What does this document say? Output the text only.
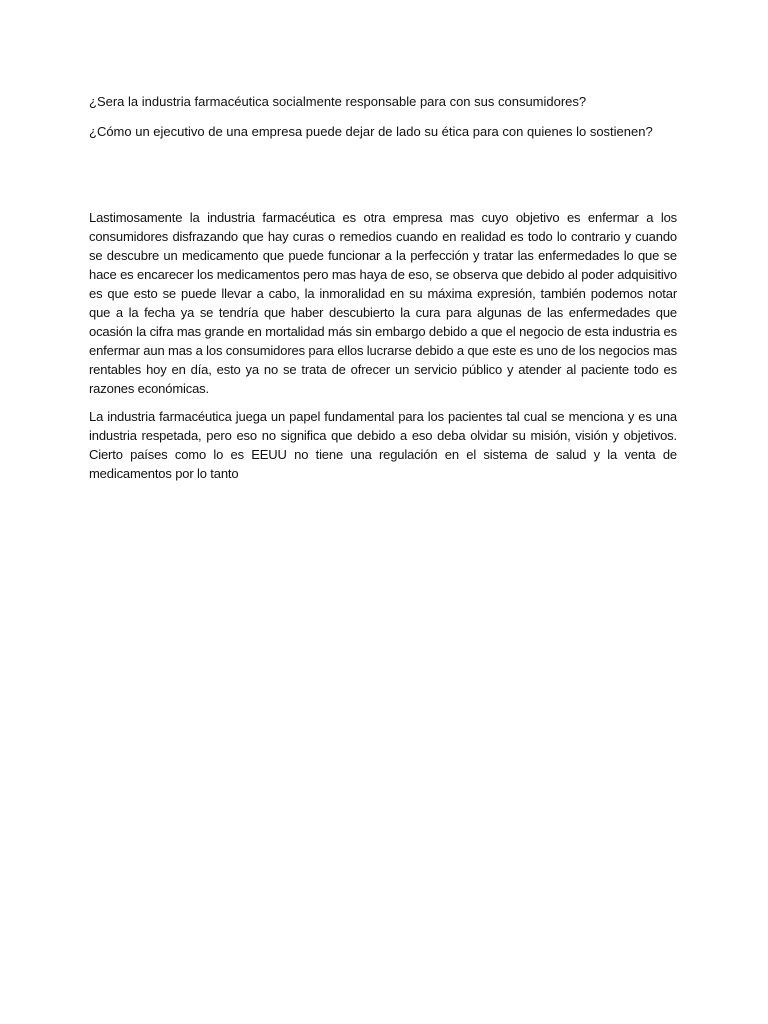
¿Sera la industria farmacéutica socialmente responsable para con sus consumidores?

¿Cómo un ejecutivo de una empresa puede dejar de lado su ética para con quienes lo sostienen?

Lastimosamente la industria farmacéutica es otra empresa mas cuyo objetivo es enfermar a los consumidores disfrazando que hay curas o remedios cuando en realidad es todo lo contrario y cuando se descubre un medicamento que puede funcionar a la perfección y tratar las enfermedades lo que se hace es encarecer los medicamentos pero mas haya de eso, se observa que debido al poder adquisitivo es que esto se puede llevar a cabo, la inmoralidad en su máxima expresión, también podemos notar que a la fecha ya se tendría que haber descubierto la cura para algunas de las enfermedades que ocasión la cifra mas grande en mortalidad más sin embargo debido a que el negocio de esta industria es enfermar aun mas a los consumidores para ellos lucrarse debido a que este es uno de los negocios mas rentables hoy en día, esto ya no se trata de ofrecer un servicio público y atender al paciente todo es razones económicas.

La industria farmacéutica juega un papel fundamental para los pacientes tal cual se menciona y es una industria respetada, pero eso no significa que debido a eso deba olvidar su misión, visión y objetivos. Cierto países como lo es EEUU no tiene una regulación en el sistema de salud y la venta de medicamentos por lo tanto
